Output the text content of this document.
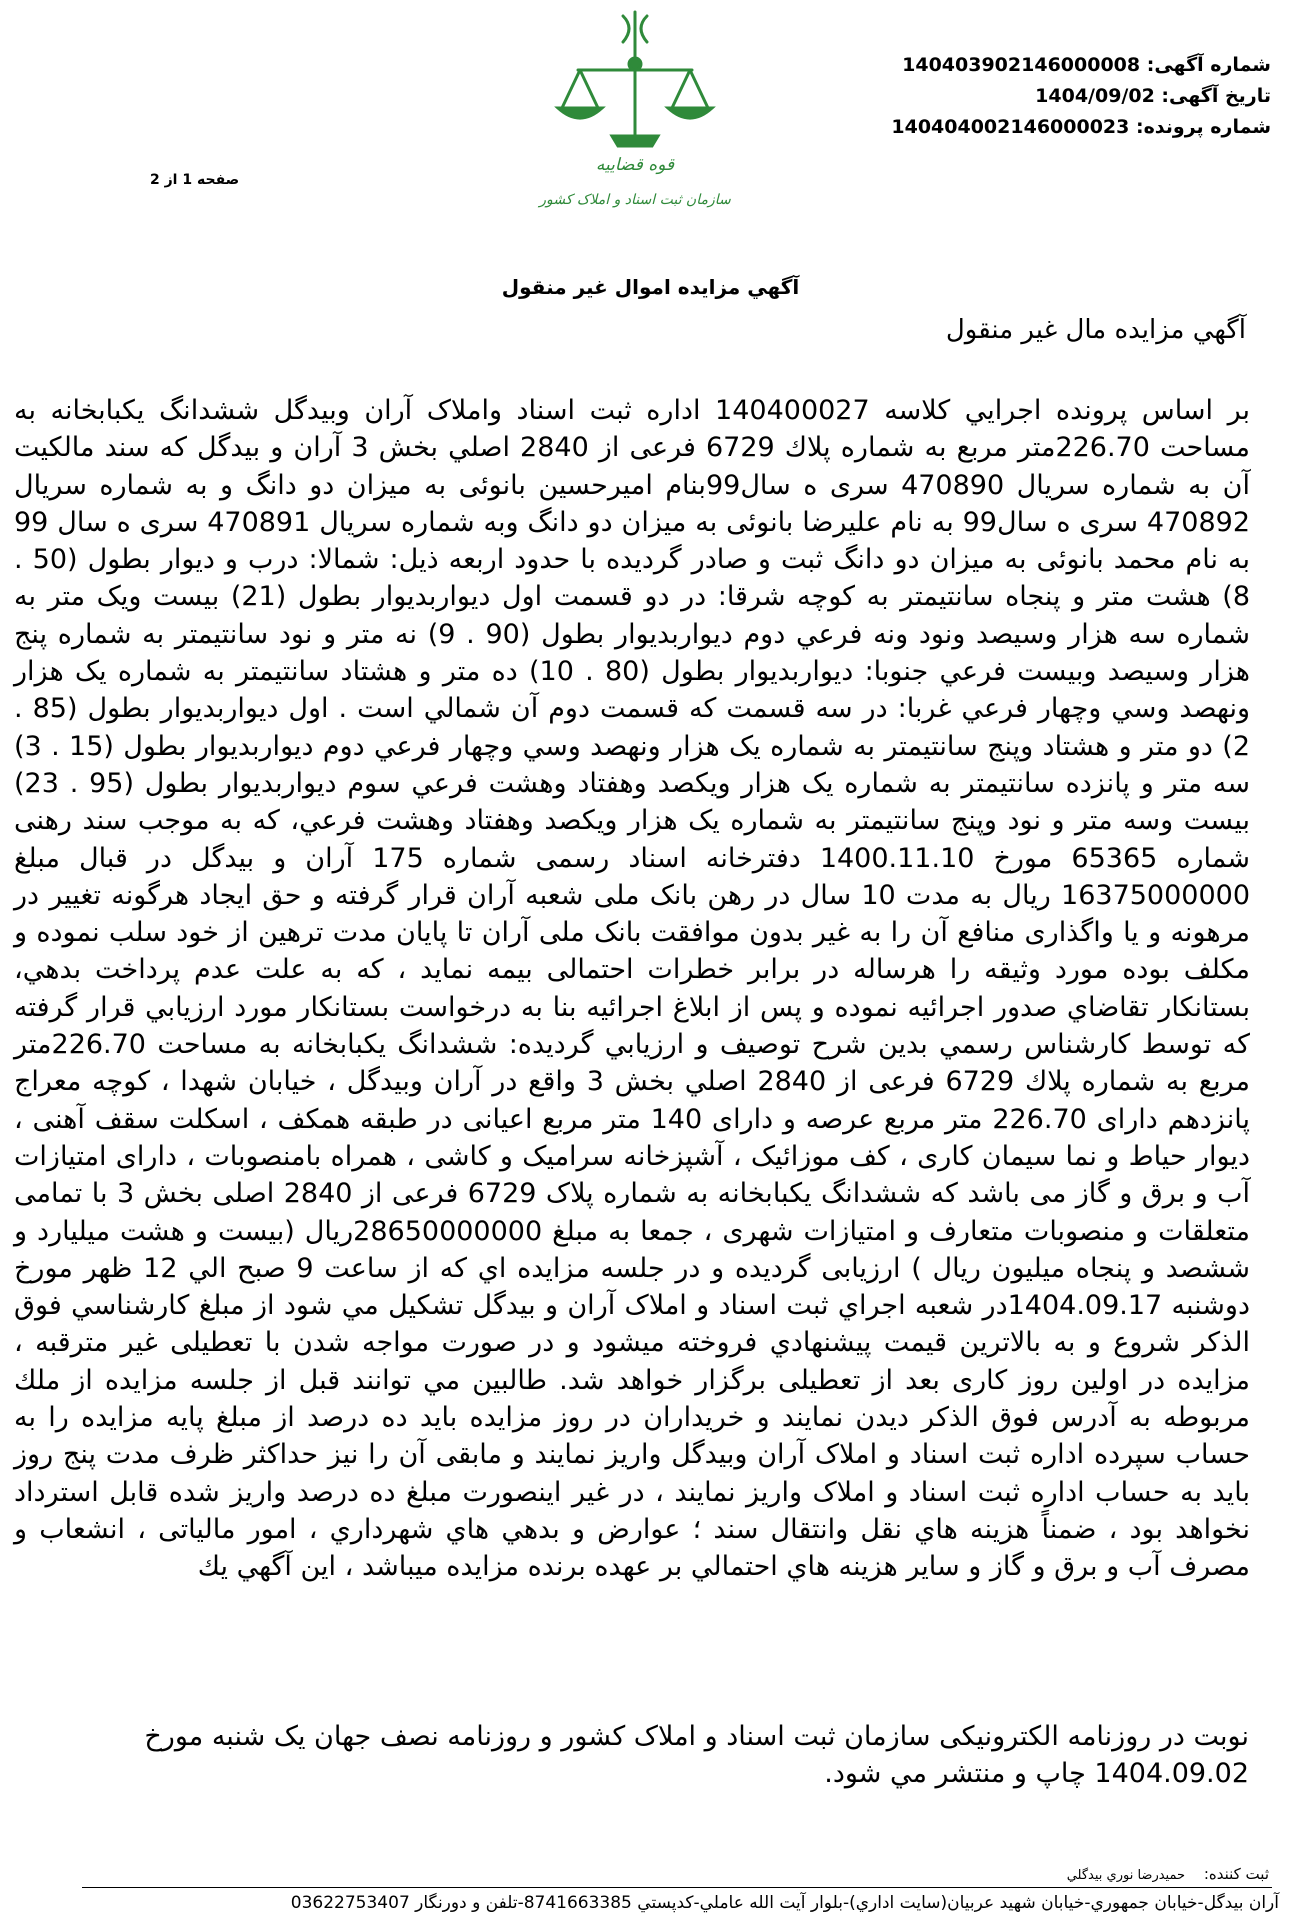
شماره آگهی: 140403902146000008
تاریخ آگهی: 1404/09/02
شماره پرونده: 140404002146000023
صفحه 1 از 2
قوه قضاییه
سازمان ثبت اسناد و املاک کشور
آگهي مزايده اموال غير منقول
آگهي مزايده مال غير منقول

بر اساس پرونده اجرايي کلاسه 140400027 اداره ثبت اسناد واملاک آران وبيدگل ششدانگ يکبابخانه به مساحت 226.70متر مربع به شماره پلاك 6729 فرعی از 2840 اصلي بخش 3 آران و بيدگل که سند مالکيت آن به شماره سريال 470890 سری ه سال99بنام اميرحسين بانوئی به ميزان دو دانگ و به شماره سريال 470892 سری ه سال99 به نام عليرضا بانوئی به ميزان دو دانگ وبه شماره سريال 470891 سری ه سال 99 به نام محمد بانوئی به ميزان دو دانگ ثبت و صادر گرديده با حدود اربعه ذيل: شمالا: درب و ديوار بطول (50 . 8) هشت متر و پنجاه سانتيمتر به کوچه شرقا: در دو قسمت اول ديواربديوار بطول (21) بيست ويک متر به شماره سه هزار وسيصد ونود ونه فرعي دوم ديواربديوار بطول (90 . 9) نه متر و نود سانتيمتر به شماره پنج هزار وسيصد وبيست فرعي جنوبا: ديواربديوار بطول (80 . 10) ده متر و هشتاد سانتيمتر به شماره يک هزار ونهصد وسي وچهار فرعي غربا: در سه قسمت که قسمت دوم آن شمالي است . اول ديواربديوار بطول (85 . 2) دو متر و هشتاد وپنج سانتيمتر به شماره يک هزار ونهصد وسي وچهار فرعي دوم ديواربديوار بطول (15 . 3) سه متر و پانزده سانتيمتر به شماره يک هزار ويکصد وهفتاد وهشت فرعي سوم ديواربديوار بطول (95 . 23) بيست وسه متر و نود وپنج سانتيمتر به شماره يک هزار ويکصد وهفتاد وهشت فرعي، که به موجب سند رهنی شماره 65365 مورخ 1400.11.10 دفترخانه اسناد رسمی شماره 175 آران و بيدگل در قبال مبلغ 16375000000 ريال به مدت 10 سال در رهن بانک ملی شعبه آران قرار گرفته و حق ايجاد هرگونه تغيير در مرهونه و يا واگذاری منافع آن را به غير بدون موافقت بانک ملی آران تا پايان مدت ترهين از خود سلب نموده و مکلف بوده مورد وثيقه را هرساله در برابر خطرات احتمالی بيمه نمايد ، که به علت عدم پرداخت بدهي، بستانکار تقاضاي صدور اجرائيه نموده و پس از ابلاغ اجرائيه بنا به درخواست بستانکار مورد ارزيابي قرار گرفته که توسط کارشناس رسمي بدين شرح توصيف و ارزيابي گرديده: ششدانگ يکبابخانه به مساحت 226.70متر مربع به شماره پلاك 6729 فرعی از 2840 اصلي بخش 3 واقع در آران وبيدگل ، خيابان شهدا ، کوچه معراج پانزدهم دارای 226.70 متر مربع عرصه و دارای 140 متر مربع اعيانی در طبقه همکف ، اسکلت سقف آهنی ، ديوار حياط و نما سيمان کاری ، کف موزائيک ، آشپزخانه سراميک و کاشی ، همراه بامنصوبات ، دارای امتيازات آب و برق و گاز می باشد که ششدانگ يکبابخانه به شماره پلاک 6729 فرعی از 2840 اصلی بخش 3 با تمامی متعلقات و منصوبات متعارف و امتيازات شهری ، جمعا به مبلغ 28650000000ريال (بيست و هشت ميليارد و ششصد و پنجاه ميليون ريال ) ارزيابی گرديده و در جلسه مزايده اي که از ساعت 9 صبح الي 12 ظهر مورخ دوشنبه 1404.09.17در شعبه اجراي ثبت اسناد و املاک آران و بيدگل تشکيل مي شود از مبلغ کارشناسي فوق الذکر شروع و به بالاترين قيمت پيشنهادي فروخته ميشود و در صورت مواجه شدن با تعطيلی غير مترقبه ، مزايده در اولين روز کاری بعد از تعطيلی برگزار خواهد شد. طالبين مي توانند قبل از جلسه مزايده از ملك مربوطه به آدرس فوق الذکر ديدن نمايند و خريداران در روز مزايده بايد ده درصد از مبلغ پايه مزايده را به حساب سپرده اداره ثبت اسناد و املاک آران وبيدگل واريز نمايند و مابقی آن را نيز حداکثر ظرف مدت پنج روز بايد به حساب اداره ثبت اسناد و املاک واريز نمايند ، در غير اينصورت مبلغ ده درصد واريز شده قابل استرداد نخواهد بود ، ضمناً هزينه هاي نقل وانتقال سند ؛ عوارض و بدهي هاي شهرداري ، امور مالياتی ، انشعاب و مصرف آب و برق و گاز و ساير هزينه هاي احتمالي بر عهده برنده مزايده ميباشد ، اين آگهي يك

نوبت در روزنامه الکترونيکی سازمان ثبت اسناد و املاک کشور و روزنامه نصف جهان یک شنبه مورخ 1404.09.02 چاپ و منتشر مي شود.
ثبت كننده: حميدرضا نوري بيدگلي
آران بيدگل-خيابان جمهوري-خيابان شهيد عربيان(سايت اداري)-بلوار آيت الله عاملي-کدپستي 8741663385-تلفن و دورنگار 03622753407
